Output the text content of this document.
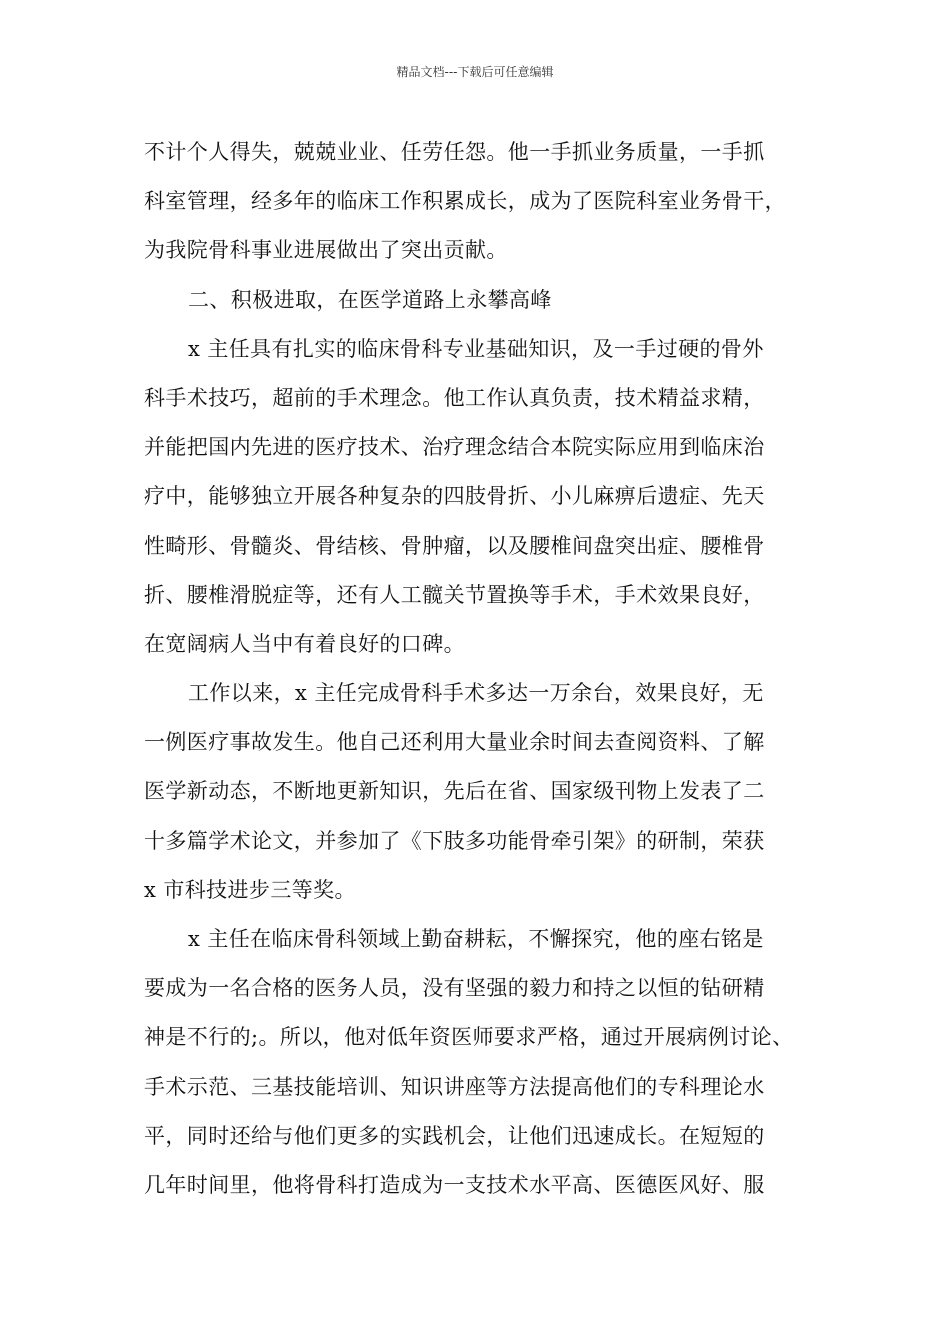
精品文档---下载后可任意编辑
不计个人得失，兢兢业业、任劳任怨。他一手抓业务质量，一手抓
科室管理，经多年的临床工作积累成长，成为了医院科室业务骨干，
为我院骨科事业进展做出了突出贡献。
二、积极进取，在医学道路上永攀高峰
x 主任具有扎实的临床骨科专业基础知识，及一手过硬的骨外
科手术技巧，超前的手术理念。他工作认真负责，技术精益求精，
并能把国内先进的医疗技术、治疗理念结合本院实际应用到临床治
疗中，能够独立开展各种复杂的四肢骨折、小儿麻痹后遗症、先天
性畸形、骨髓炎、骨结核、骨肿瘤，以及腰椎间盘突出症、腰椎骨
折、腰椎滑脱症等，还有人工髋关节置换等手术，手术效果良好，
在宽阔病人当中有着良好的口碑。
工作以来，x 主任完成骨科手术多达一万余台，效果良好，无
一例医疗事故发生。他自己还利用大量业余时间去查阅资料、了解
医学新动态，不断地更新知识，先后在省、国家级刊物上发表了二
十多篇学术论文，并参加了《下肢多功能骨牵引架》的研制，荣获
x 市科技进步三等奖。
x 主任在临床骨科领域上勤奋耕耘，不懈探究，他的座右铭是
要成为一名合格的医务人员，没有坚强的毅力和持之以恒的钻研精
神是不行的;。所以，他对低年资医师要求严格，通过开展病例讨论、
手术示范、三基技能培训、知识讲座等方法提高他们的专科理论水
平，同时还给与他们更多的实践机会，让他们迅速成长。在短短的
几年时间里，他将骨科打造成为一支技术水平高、医德医风好、服
